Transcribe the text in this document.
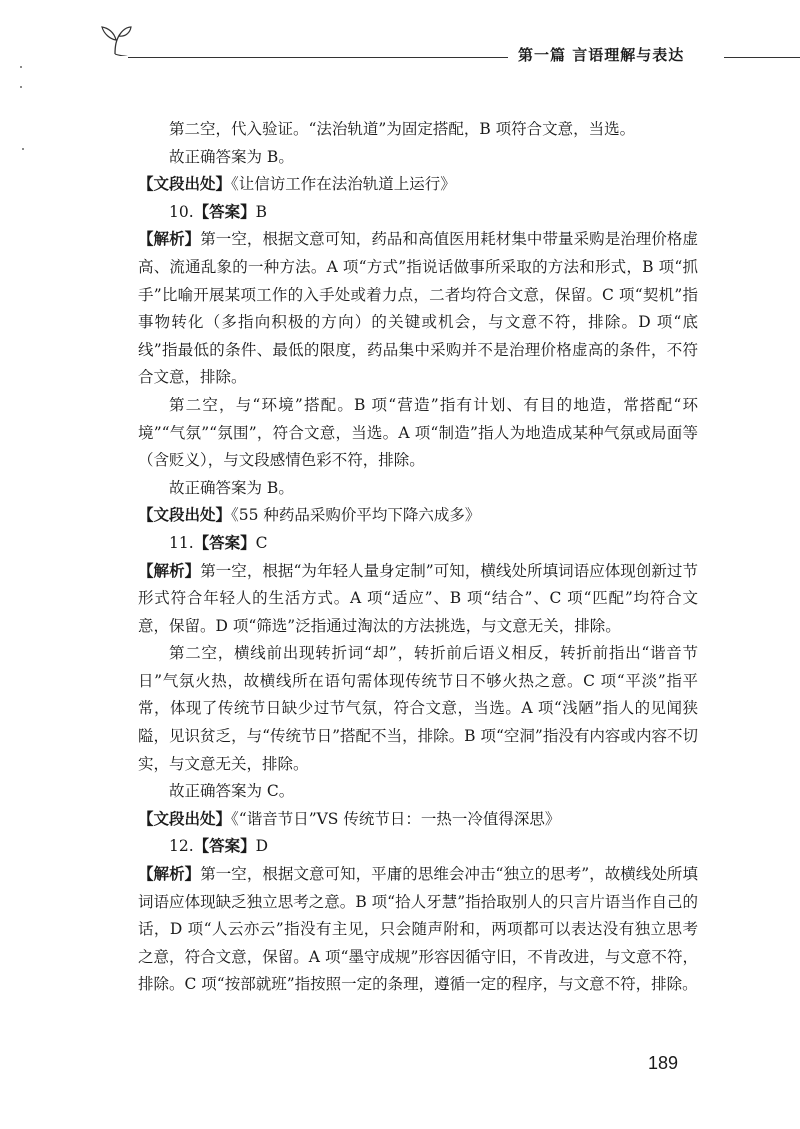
第一篇 言语理解与表达

第二空，代入验证。“法治轨道”为固定搭配，B 项符合文意，当选。

故正确答案为 B。

【文段出处】《让信访工作在法治轨道上运行》

10.【答案】B

【解析】第一空，根据文意可知，药品和高值医用耗材集中带量采购是治理价格虚高、流通乱象的一种方法。A 项“方式”指说话做事所采取的方法和形式，B 项“抓手”比喻开展某项工作的入手处或着力点，二者均符合文意，保留。C 项“契机”指事物转化（多指向积极的方向）的关键或机会，与文意不符，排除。D 项“底线”指最低的条件、最低的限度，药品集中采购并不是治理价格虚高的条件，不符合文意，排除。

第二空，与“环境”搭配。B 项“营造”指有计划、有目的地造，常搭配“环境”“气氛”“氛围”，符合文意，当选。A 项“制造”指人为地造成某种气氛或局面等（含贬义），与文段感情色彩不符，排除。

故正确答案为 B。

【文段出处】《55 种药品采购价平均下降六成多》

11.【答案】C

【解析】第一空，根据“为年轻人量身定制”可知，横线处所填词语应体现创新过节形式符合年轻人的生活方式。A 项“适应”、B 项“结合”、C 项“匹配”均符合文意，保留。D 项“筛选”泛指通过淘汰的方法挑选，与文意无关，排除。

第二空，横线前出现转折词“却”，转折前后语义相反，转折前指出“谐音节日”气氛火热，故横线所在语句需体现传统节日不够火热之意。C 项“平淡”指平常，体现了传统节日缺少过节气氛，符合文意，当选。A 项“浅陋”指人的见闻狭隘，见识贫乏，与“传统节日”搭配不当，排除。B 项“空洞”指没有内容或内容不切实，与文意无关，排除。

故正确答案为 C。

【文段出处】《“谐音节日”VS 传统节日：一热一冷值得深思》

12.【答案】D

【解析】第一空，根据文意可知，平庸的思维会冲击“独立的思考”，故横线处所填词语应体现缺乏独立思考之意。B 项“拾人牙慧”指拾取别人的只言片语当作自己的话，D 项“人云亦云”指没有主见，只会随声附和，两项都可以表达没有独立思考之意，符合文意，保留。A 项“墨守成规”形容因循守旧，不肯改进，与文意不符，排除。C 项“按部就班”指按照一定的条理，遵循一定的程序，与文意不符，排除。

189
